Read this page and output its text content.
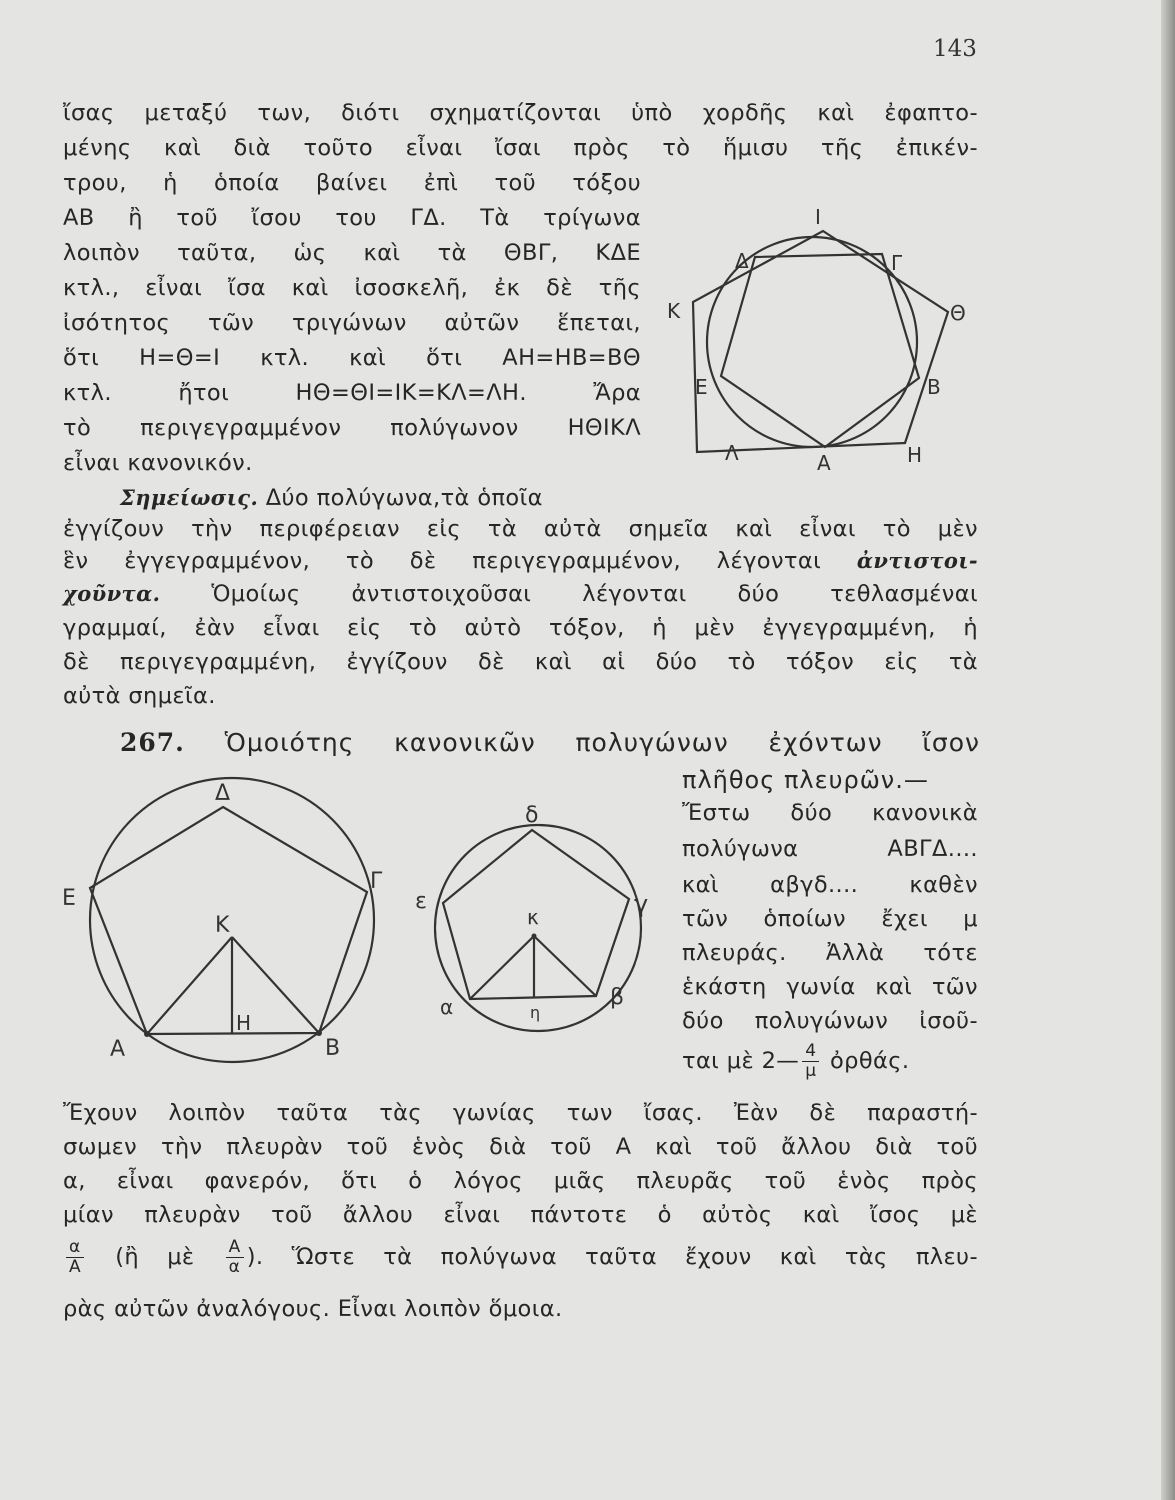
143
ἴσας μεταξύ των, διότι σχηματίζονται ὑπὸ χορδῆς καὶ ἐφαπτο-
μένης καὶ διὰ τοῦτο εἶναι ἴσαι πρὸς τὸ ἥμισυ τῆς ἐπικέν-
τρου, ἡ ὁποία βαίνει ἐπὶ τοῦ τόξου
ΑΒ ἢ τοῦ ἴσου του ΓΔ. Τὰ τρίγωνα
λοιπὸν ταῦτα, ὡς καὶ τὰ ΘΒΓ, ΚΔΕ
κτλ., εἶναι ἴσα καὶ ἰσοσκελῆ, ἐκ δὲ τῆς
ἰσότητος τῶν τριγώνων αὐτῶν ἕπεται,
ὅτι Η=Θ=Ι κτλ. καὶ ὅτι ΑΗ=ΗΒ=ΒΘ
κτλ. ἤτοι ΗΘ=ΘΙ=ΙΚ=ΚΛ=ΛΗ. Ἄρα
τὸ περιγεγραμμένον πολύγωνον ΗΘΙΚΛ
εἶναι κανονικόν.
Σημείωσις. Δύο πολύγωνα,τὰ ὁποῖα
Ι
Δ	Γ
Κ	Θ
Ε	Β
Λ	Α	Η
ἐγγίζουν τὴν περιφέρειαν εἰς τὰ αὐτὰ σημεῖα καὶ εἶναι τὸ μὲν
ἓν ἐγγεγραμμένον, τὸ δὲ περιγεγραμμένον, λέγονται ἀντιστοι-
χοῦντα. Ὁμοίως ἀντιστοιχοῦσαι λέγονται δύο τεθλασμέναι
γραμμαί, ἐὰν εἶναι εἰς τὸ αὐτὸ τόξον, ἡ μὲν ἐγγεγραμμένη, ἡ
δὲ περιγεγραμμένη, ἐγγίζουν δὲ καὶ αἱ δύο τὸ τόξον εἰς τὰ
αὐτὰ σημεῖα.
267. Ὁμοιότης κανονικῶν πολυγώνων ἐχόντων ἴσον
πλῆθος πλευρῶν.—
Ἔστω δύο κανονικὰ
πολύγωνα ΑΒΓΔ....
καὶ αβγδ.... καθὲν
τῶν ὁποίων ἔχει μ
πλευράς. Ἀλλὰ τότε
ἑκάστη γωνία καὶ τῶν
δύο πολυγώνων ἰσοῦ-
ται μὲ 2— $\frac{4}{\mu}$ ὀρθάς.
Δ
Ε
Γ
Κ
Η
Α	Β
δ
ε	γ
κ
α	η
β
Ἔχουν λοιπὸν ταῦτα τὰς γωνίας των ἴσας. Ἐὰν δὲ παραστή-
σωμεν τὴν πλευρὰν τοῦ ἑνὸς διὰ τοῦ Α καὶ τοῦ ἄλλου διὰ τοῦ
α, εἶναι φανερόν, ὅτι ὁ λόγος μιᾶς πλευρᾶς τοῦ ἑνὸς πρὸς
μίαν πλευρὰν τοῦ ἄλλου εἶναι πάντοτε ὁ αὐτὸς καὶ ἴσος μὲ
$\frac{\alpha}{A}$ (ἢ μὲ $\frac{A}{\alpha}$ ). Ὥστε τὰ πολύγωνα ταῦτα ἔχουν καὶ τὰς πλευ-
ρὰς αὐτῶν ἀναλόγους. Εἶναι λοιπὸν ὅμοια.
